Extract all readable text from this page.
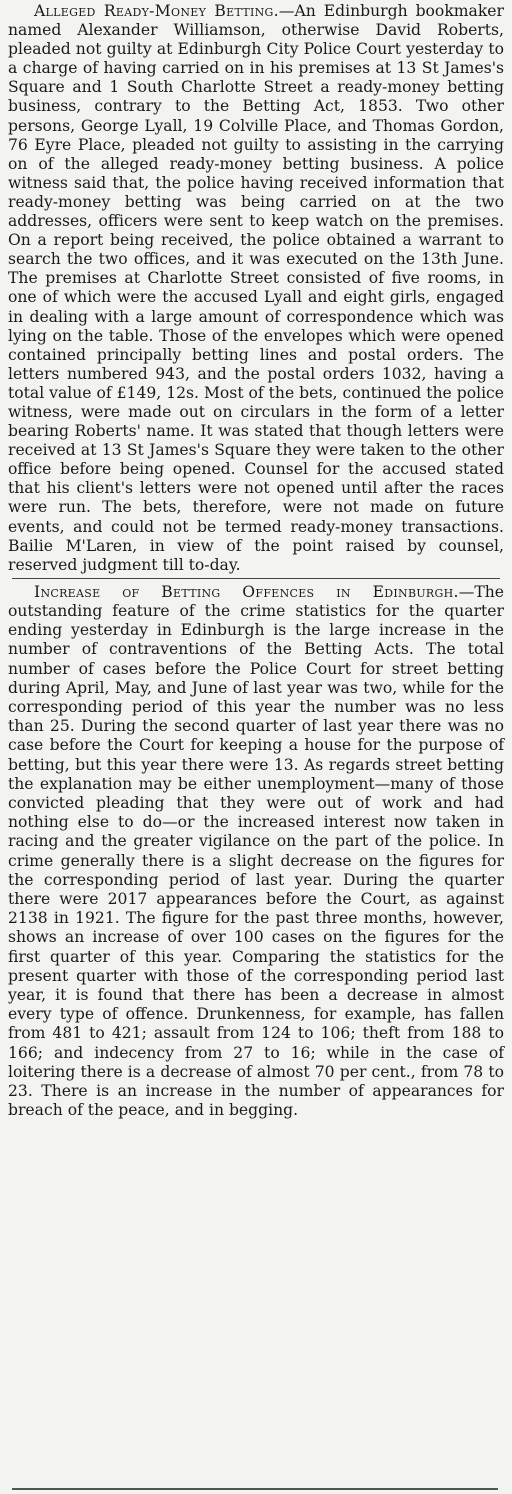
Alleged Ready-Money Betting.—An Edinburgh bookmaker named Alexander Williamson, otherwise David Roberts, pleaded not guilty at Edinburgh City Police Court yesterday to a charge of having carried on in his premises at 13 St James's Square and 1 South Charlotte Street a ready-money betting business, contrary to the Betting Act, 1853. Two other persons, George Lyall, 19 Colville Place, and Thomas Gordon, 76 Eyre Place, pleaded not guilty to assisting in the carrying on of the alleged ready-money betting business. A police witness said that, the police having received information that ready-money betting was being carried on at the two addresses, officers were sent to keep watch on the premises. On a report being received, the police obtained a warrant to search the two offices, and it was executed on the 13th June. The premises at Charlotte Street consisted of five rooms, in one of which were the accused Lyall and eight girls, engaged in dealing with a large amount of correspondence which was lying on the table. Those of the envelopes which were opened contained principally betting lines and postal orders. The letters numbered 943, and the postal orders 1032, having a total value of £149, 12s. Most of the bets, continued the police witness, were made out on circulars in the form of a letter bearing Roberts' name. It was stated that though letters were received at 13 St James's Square they were taken to the other office before being opened. Counsel for the accused stated that his client's letters were not opened until after the races were run. The bets, therefore, were not made on future events, and could not be termed ready-money transactions. Bailie M'Laren, in view of the point raised by counsel, reserved judgment till to-day.

Increase of Betting Offences in Edinburgh.—The outstanding feature of the crime statistics for the quarter ending yesterday in Edinburgh is the large increase in the number of contraventions of the Betting Acts. The total number of cases before the Police Court for street betting during April, May, and June of last year was two, while for the corresponding period of this year the number was no less than 25. During the second quarter of last year there was no case before the Court for keeping a house for the purpose of betting, but this year there were 13. As regards street betting the explanation may be either unemployment—many of those convicted pleading that they were out of work and had nothing else to do—or the increased interest now taken in racing and the greater vigilance on the part of the police. In crime generally there is a slight decrease on the figures for the corresponding period of last year. During the quarter there were 2017 appearances before the Court, as against 2138 in 1921. The figure for the past three months, however, shows an increase of over 100 cases on the figures for the first quarter of this year. Comparing the statistics for the present quarter with those of the corresponding period last year, it is found that there has been a decrease in almost every type of offence. Drunkenness, for example, has fallen from 481 to 421; assault from 124 to 106; theft from 188 to 166; and indecency from 27 to 16; while in the case of loitering there is a decrease of almost 70 per cent., from 78 to 23. There is an increase in the number of appearances for breach of the peace, and in begging.
